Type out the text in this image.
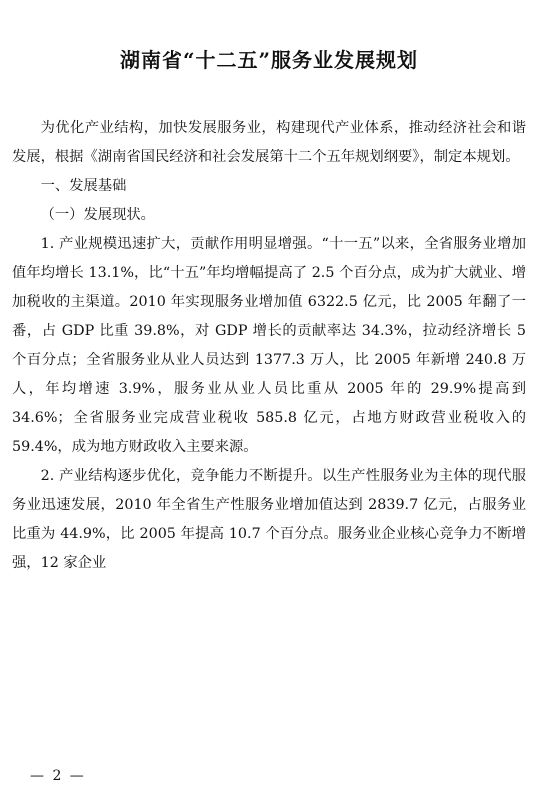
湖南省“十二五”服务业发展规划

为优化产业结构，加快发展服务业，构建现代产业体系，推动经济社会和谐发展，根据《湖南省国民经济和社会发展第十二个五年规划纲要》，制定本规划。

一、发展基础

（一）发展现状。

1. 产业规模迅速扩大，贡献作用明显增强。“十一五”以来，全省服务业增加值年均增长 13.1%，比“十五”年均增幅提高了 2.5 个百分点，成为扩大就业、增加税收的主渠道。2010 年实现服务业增加值 6322.5 亿元，比 2005 年翻了一番，占 GDP 比重 39.8%，对 GDP 增长的贡献率达 34.3%，拉动经济增长 5 个百分点；全省服务业从业人员达到 1377.3 万人，比 2005 年新增 240.8 万人，年均增速 3.9%，服务业从业人员比重从 2005 年的 29.9%提高到 34.6%；全省服务业完成营业税收 585.8 亿元，占地方财政营业税收入的 59.4%，成为地方财政收入主要来源。

2. 产业结构逐步优化，竞争能力不断提升。以生产性服务业为主体的现代服务业迅速发展，2010 年全省生产性服务业增加值达到 2839.7 亿元，占服务业比重为 44.9%，比 2005 年提高 10.7 个百分点。服务业企业核心竞争力不断增强，12 家企业

— 2 —
